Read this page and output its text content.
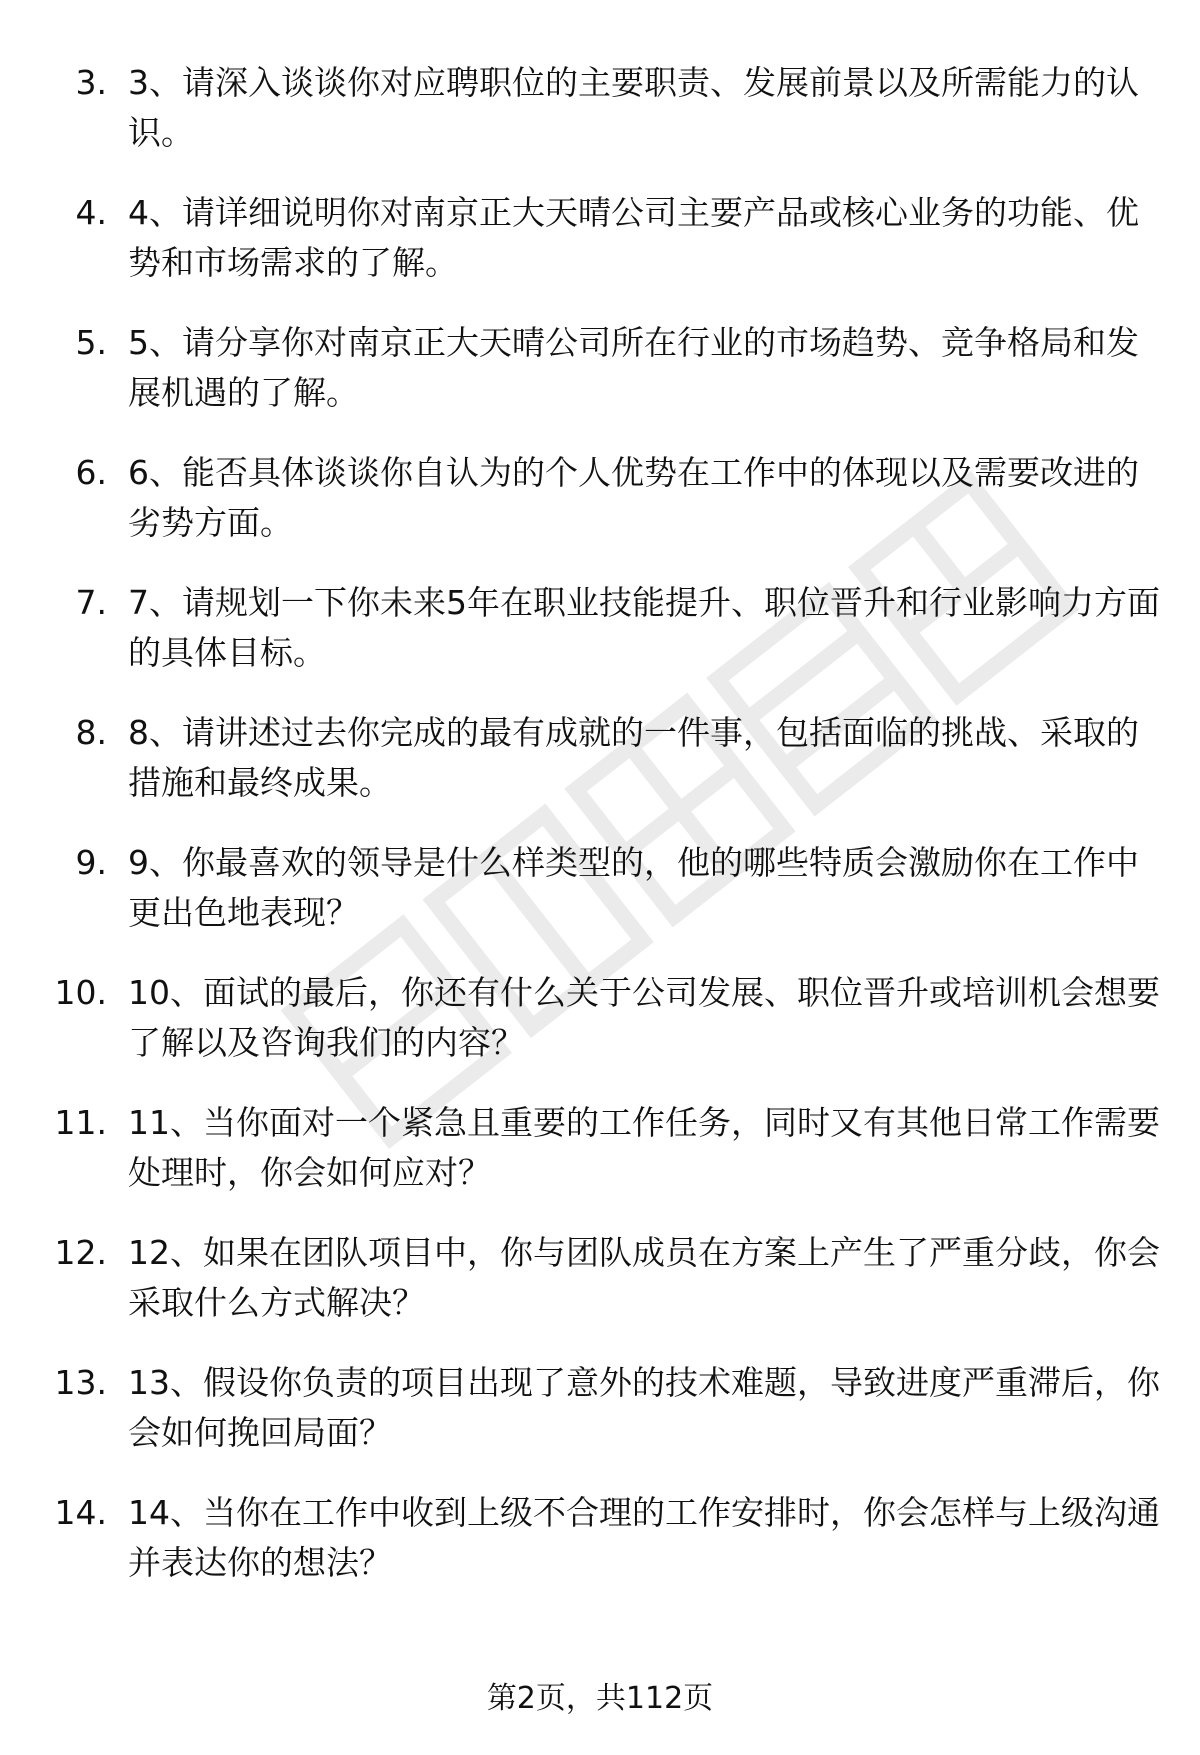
3. 3、请深入谈谈你对应聘职位的主要职责、发展前景以及所需能力的认识。
4. 4、请详细说明你对南京正大天晴公司主要产品或核心业务的功能、优势和市场需求的了解。
5. 5、请分享你对南京正大天晴公司所在行业的市场趋势、竞争格局和发展机遇的了解。
6. 6、能否具体谈谈你自认为的个人优势在工作中的体现以及需要改进的劣势方面。
7. 7、请规划一下你未来5年在职业技能提升、职位晋升和行业影响力方面的具体目标。
8. 8、请讲述过去你完成的最有成就的一件事，包括面临的挑战、采取的措施和最终成果。
9. 9、你最喜欢的领导是什么样类型的，他的哪些特质会激励你在工作中更出色地表现？
10. 10、面试的最后，你还有什么关于公司发展、职位晋升或培训机会想要了解以及咨询我们的内容？
11. 11、当你面对一个紧急且重要的工作任务，同时又有其他日常工作需要处理时，你会如何应对？
12. 12、如果在团队项目中，你与团队成员在方案上产生了严重分歧，你会采取什么方式解决？
13. 13、假设你负责的项目出现了意外的技术难题，导致进度严重滞后，你会如何挽回局面？
14. 14、当你在工作中收到上级不合理的工作安排时，你会怎样与上级沟通并表达你的想法？
第2页，共112页
